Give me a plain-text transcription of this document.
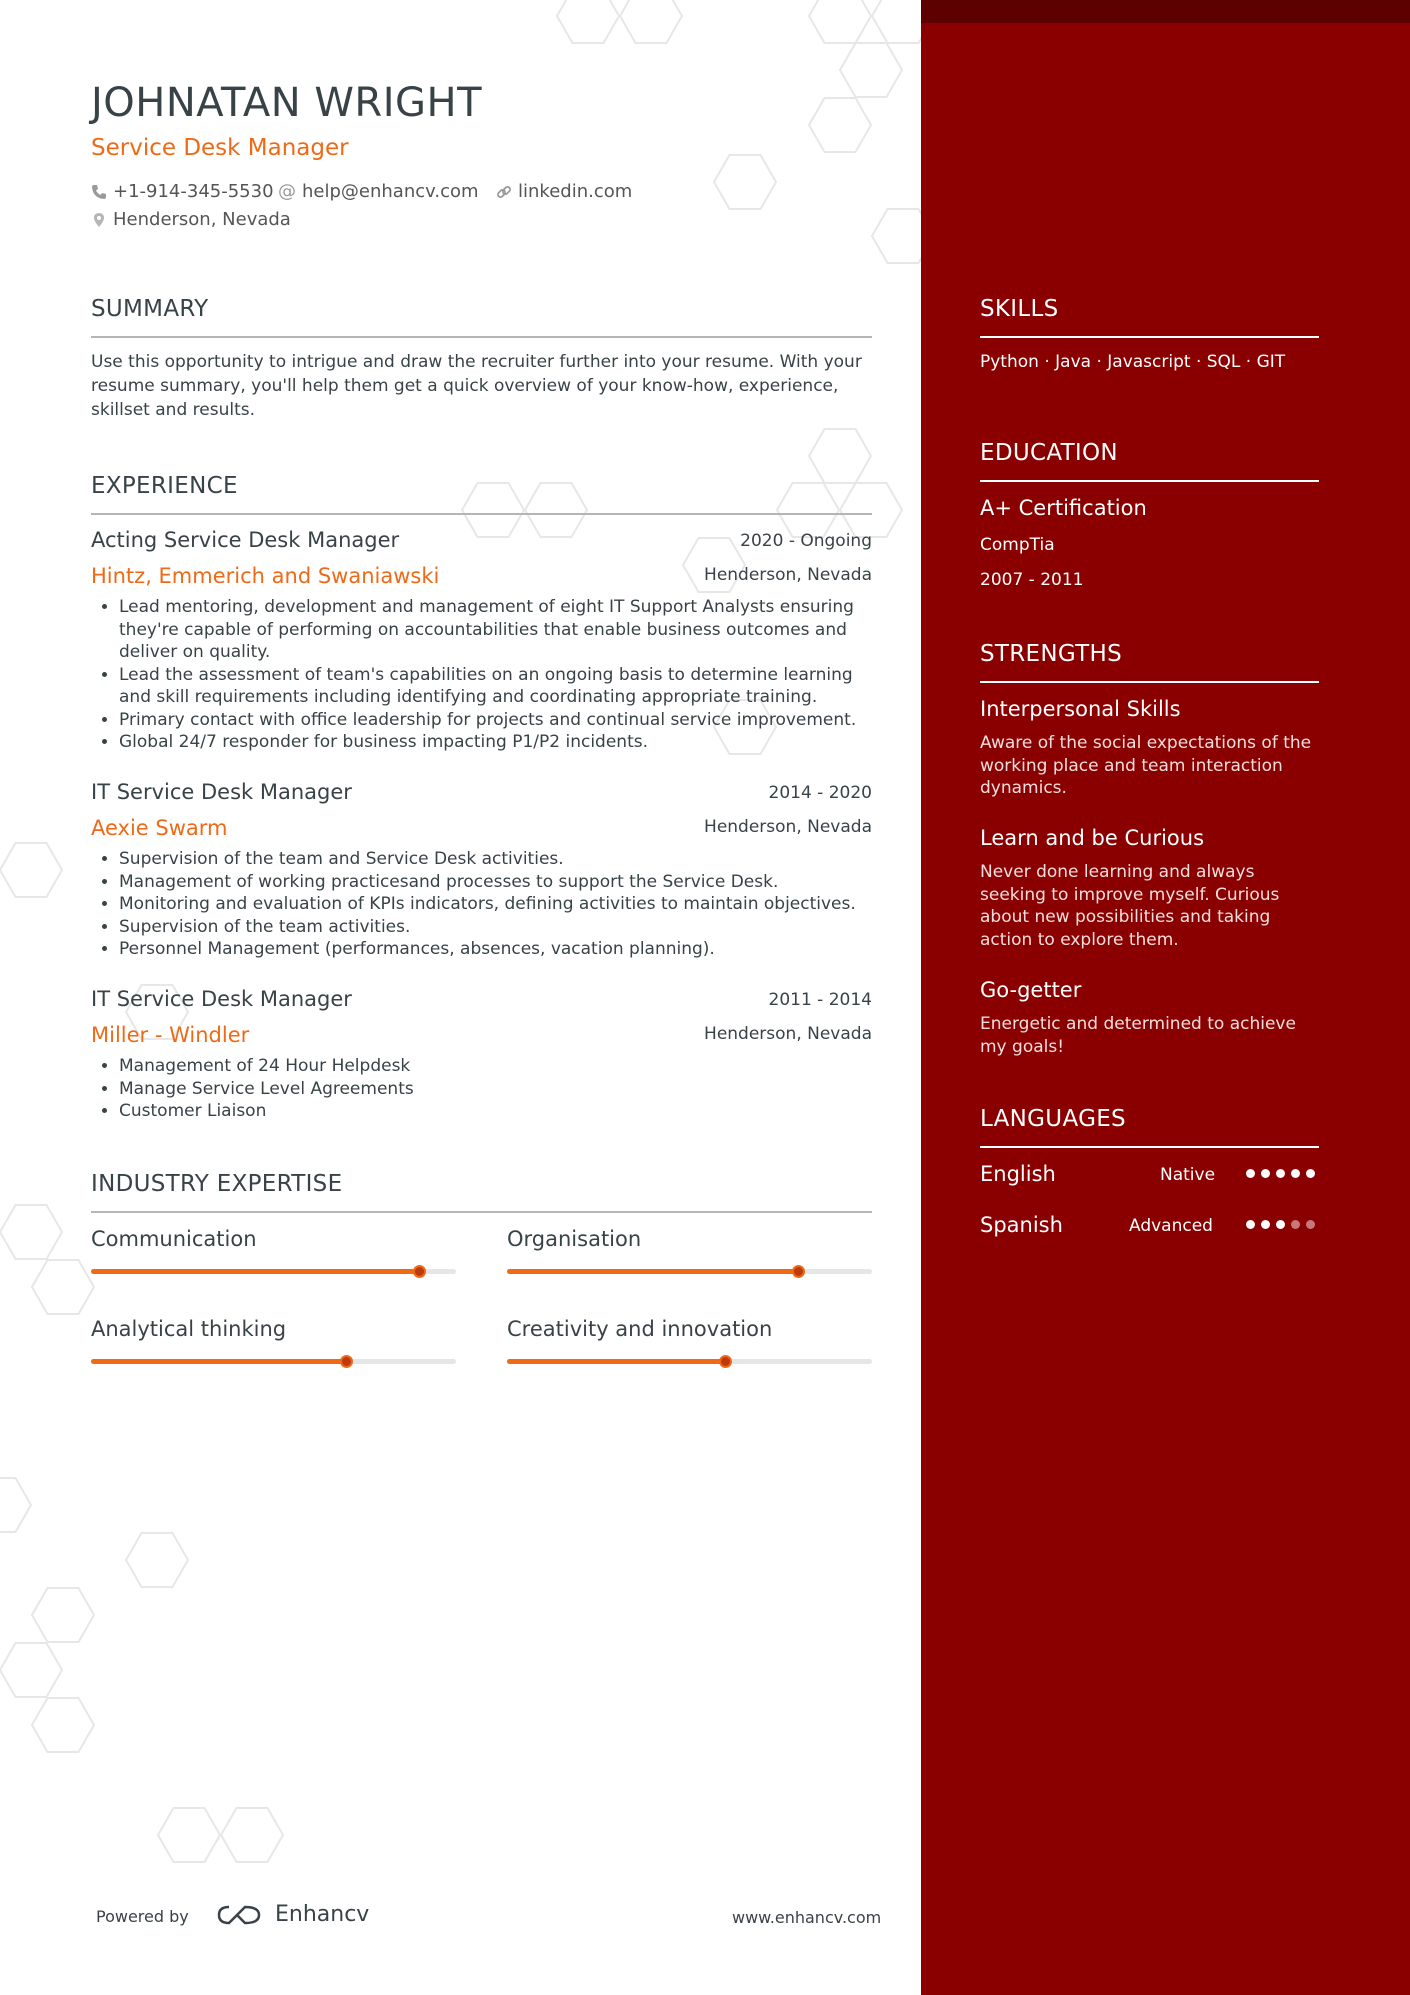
JOHNATAN WRIGHT
Service Desk Manager
+1-914-345-5530 @ help@enhancv.com linkedin.com
Henderson, Nevada
SUMMARY

Use this opportunity to intrigue and draw the recruiter further into your resume. With your resume summary, you'll help them get a quick overview of your know-how, experience, skillset and results.

EXPERIENCE
Acting Service Desk Manager	2020 - Ongoing
Hintz, Emmerich and Swaniawski	Henderson, Nevada
• Lead mentoring, development and management of eight IT Support Analysts ensuring they're capable of performing on accountabilities that enable business outcomes and deliver on quality.
• Lead the assessment of team's capabilities on an ongoing basis to determine learning and skill requirements including identifying and coordinating appropriate training.
• Primary contact with office leadership for projects and continual service improvement.
• Global 24/7 responder for business impacting P1/P2 incidents.
IT Service Desk Manager	2014 - 2020
Aexie Swarm	Henderson, Nevada
• Supervision of the team and Service Desk activities.
• Management of working practicesand processes to support the Service Desk.
• Monitoring and evaluation of KPIs indicators, defining activities to maintain objectives.
• Supervision of the team activities.
• Personnel Management (performances, absences, vacation planning).
IT Service Desk Manager	2011 - 2014
Miller - Windler	Henderson, Nevada
• Management of 24 Hour Helpdesk
• Manage Service Level Agreements
• Customer Liaison
INDUSTRY EXPERTISE
Communication	Organisation
Analytical thinking	Creativity and innovation
Powered by	Enhancv	www.enhancv.com
SKILLS
Python · Java · Javascript · SQL · GIT
EDUCATION
A+ Certification
CompTia
2007 - 2011
STRENGTHS
Interpersonal Skills

Aware of the social expectations of the working place and team interaction dynamics.

Learn and be Curious

Never done learning and always seeking to improve myself. Curious about new possibilities and taking action to explore them.

Go-getter

Energetic and determined to achieve my goals!

LANGUAGES
English	Native
Spanish	Advanced
